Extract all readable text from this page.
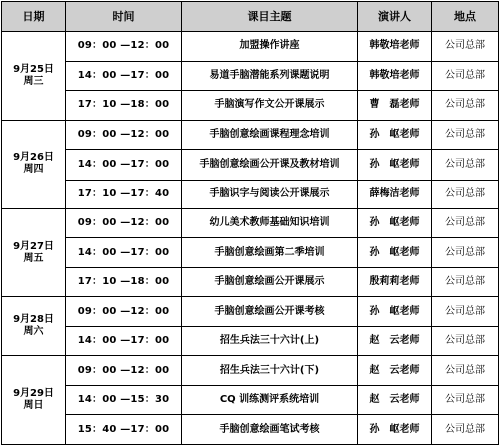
日期	时间	课目主题	演讲人	地点

9月25日
周三	09：00 —12：00	加盟操作讲座	韩敬培老师	公司总部
	14：00 —17：00	易道手脑潜能系列课题说明	韩敬培老师	公司总部
	17：10 —18：00	手脑演写作文公开课展示	曹　磊老师	公司总部

9月26日
周四	09：00 —12：00	手脑创意绘画课程理念培训	孙　岖老师	公司总部
	14：00 —17：00	手脑创意绘画公开课及教材培训	孙　岖老师	公司总部
	17：10 —17：40	手脑识字与阅读公开课展示	薛梅洁老师	公司总部

9月27日
周五	09：00 —12：00	幼儿美术教师基础知识培训	孙　岖老师	公司总部
	14：00 —17：00	手脑创意绘画第二季培训	孙　岖老师	公司总部
	17：10 —18：00	手脑创意绘画公开课展示	殷莉莉老师	公司总部

9月28日
周六	09：00 —12：00	手脑创意绘画公开课考核	孙　岖老师	公司总部
	14：00 —17：00	招生兵法三十六计(上)	赵　云老师	公司总部

9月29日
周日	09：00 —12：00	招生兵法三十六计(下)	赵　云老师	公司总部
	14：00 —15：30	CQ 训练测评系统培训	赵　云老师	公司总部
	15：40 —17：00	手脑创意绘画笔试考核	孙　岖老师	公司总部
